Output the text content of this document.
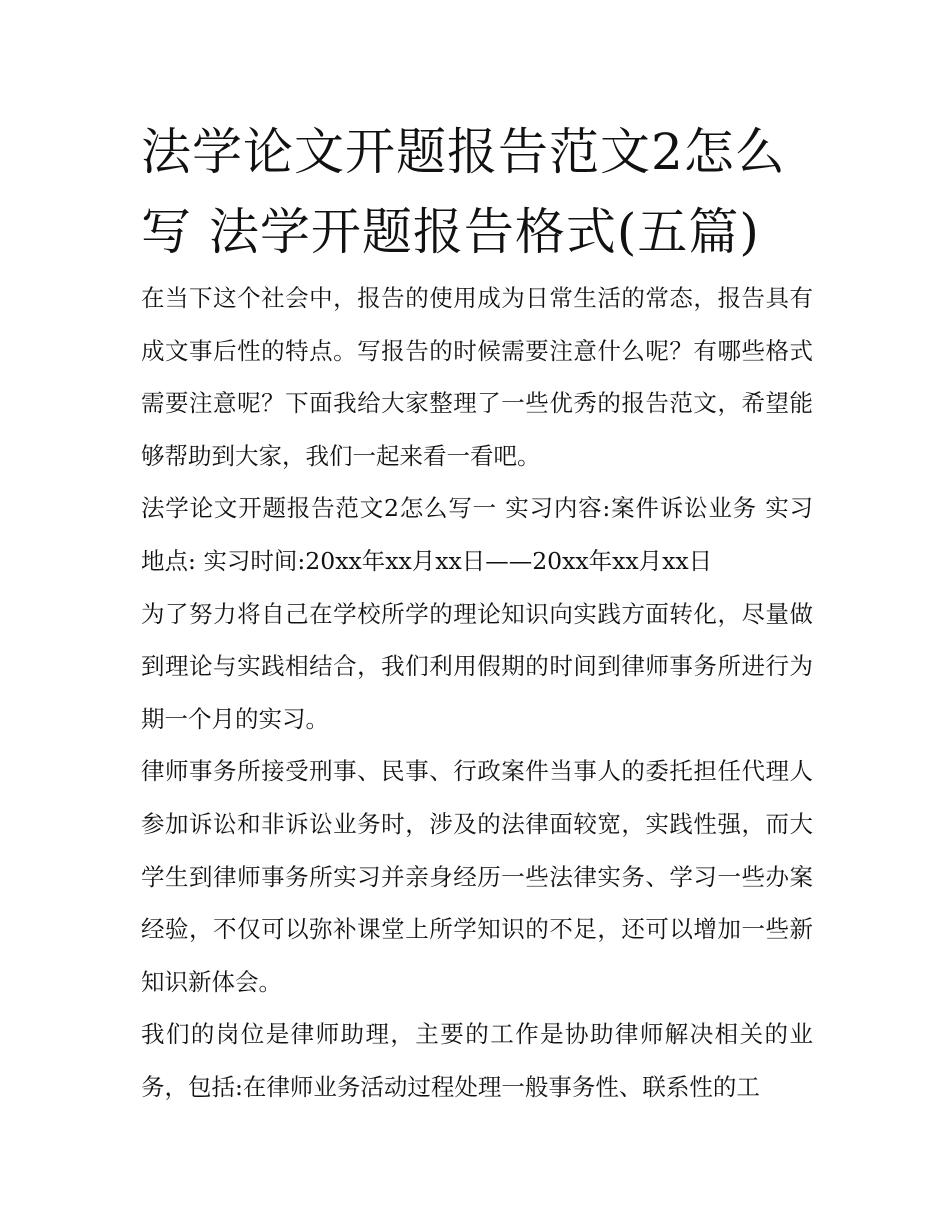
法学论文开题报告范文2怎么写 法学开题报告格式(五篇)

在当下这个社会中，报告的使用成为日常生活的常态，报告具有成文事后性的特点。写报告的时候需要注意什么呢？有哪些格式需要注意呢？下面我给大家整理了一些优秀的报告范文，希望能够帮助到大家，我们一起来看一看吧。

法学论文开题报告范文2怎么写一 实习内容:案件诉讼业务 实习地点: 实习时间:20xx年xx月xx日——20xx年xx月xx日

为了努力将自己在学校所学的理论知识向实践方面转化，尽量做到理论与实践相结合，我们利用假期的时间到律师事务所进行为期一个月的实习。

律师事务所接受刑事、民事、行政案件当事人的委托担任代理人参加诉讼和非诉讼业务时，涉及的法律面较宽，实践性强，而大学生到律师事务所实习并亲身经历一些法律实务、学习一些办案经验，不仅可以弥补课堂上所学知识的不足，还可以增加一些新知识新体会。

我们的岗位是律师助理，主要的工作是协助律师解决相关的业务，包括:在律师业务活动过程处理一般事务性、联系性的工
